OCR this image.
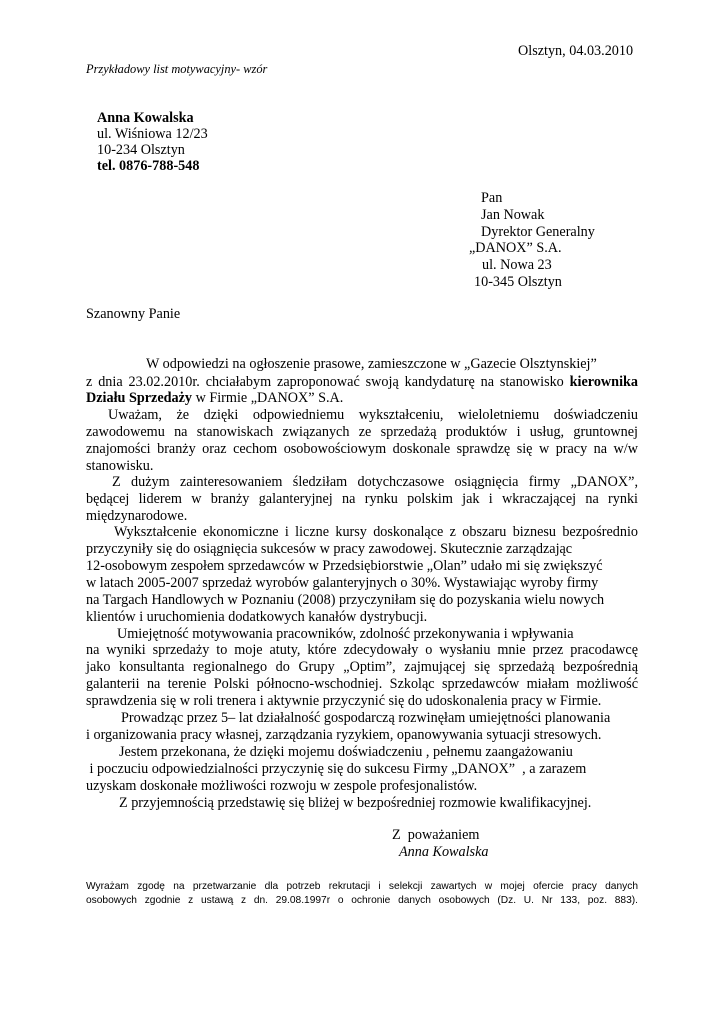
Olsztyn, 04.03.2010
Przykładowy list motywacyjny- wzór
Anna Kowalska
ul. Wiśniowa 12/23
10-234 Olsztyn
tel. 0876-788-548
Pan
Jan Nowak
Dyrektor Generalny
„DANOX” S.A.
ul. Nowa 23
10-345 Olsztyn
Szanowny Panie
W odpowiedzi na ogłoszenie prasowe, zamieszczone w „Gazecie Olsztynskiej”
z dnia 23.02.2010r. chciałabym zaproponować swoją kandydaturę na stanowisko kierownika
Działu Sprzedaży w Firmie „DANOX” S.A.
Uważam, że dzięki odpowiedniemu wykształceniu, wieloletniemu doświadczeniu
zawodowemu na stanowiskach związanych ze sprzedażą produktów i usług, gruntownej
znajomości branży oraz cechom osobowościowym doskonale sprawdzę się w pracy na w/w
stanowisku.
Z dużym zainteresowaniem śledziłam dotychczasowe osiągnięcia firmy „DANOX”,
będącej liderem w branży galanteryjnej na rynku polskim jak i wkraczającej na rynki
międzynarodowe.
Wykształcenie ekonomiczne i liczne kursy doskonalące z obszaru biznesu bezpośrednio
przyczyniły się do osiągnięcia sukcesów w pracy zawodowej. Skutecznie zarządzając
12-osobowym zespołem sprzedawców w Przedsiębiorstwie „Olan” udało mi się zwiększyć
w latach 2005-2007 sprzedaż wyrobów galanteryjnych o 30%. Wystawiając wyroby firmy
na Targach Handlowych w Poznaniu (2008) przyczyniłam się do pozyskania wielu nowych
klientów i uruchomienia dodatkowych kanałów dystrybucji.
Umiejętność motywowania pracowników, zdolność przekonywania i wpływania
na wyniki sprzedaży to moje atuty, które zdecydowały o wysłaniu mnie przez pracodawcę
jako konsultanta regionalnego do Grupy „Optim”, zajmującej się sprzedażą bezpośrednią
galanterii na terenie Polski północno-wschodniej. Szkoląc sprzedawców miałam możliwość
sprawdzenia się w roli trenera i aktywnie przyczynić się do udoskonalenia pracy w Firmie.
Prowadząc przez 5– lat działalność gospodarczą rozwinęłam umiejętności planowania
i organizowania pracy własnej, zarządzania ryzykiem, opanowywania sytuacji stresowych.
Jestem przekonana, że dzięki mojemu doświadczeniu , pełnemu zaangażowaniu
i poczuciu odpowiedzialności przyczynię się do sukcesu Firmy „DANOX”  , a zarazem
uzyskam doskonałe możliwości rozwoju w zespole profesjonalistów.
Z przyjemnością przedstawię się bliżej w bezpośredniej rozmowie kwalifikacyjnej.
Z  poważaniem
Anna Kowalska
Wyrażam zgodę na przetwarzanie dla potrzeb rekrutacji i selekcji zawartych w mojej ofercie pracy danych
osobowych zgodnie z ustawą z dn. 29.08.1997r o ochronie danych osobowych (Dz. U. Nr 133, poz. 883).
